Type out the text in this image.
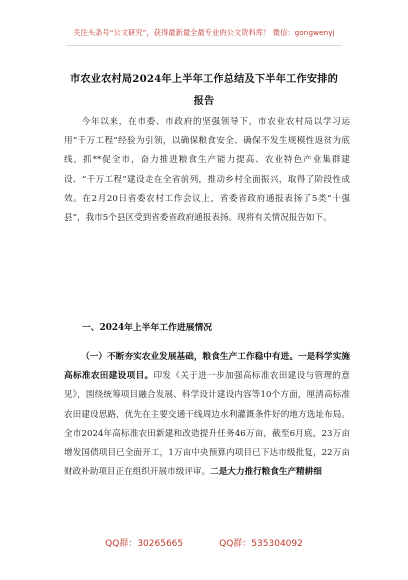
关注头条号“公文研究”，获得最新最全最专业的公文资料库！ 微信：gongwenyj
市农业农村局2024年上半年工作总结及下半年工作安排的
报告
今年以来，在市委、市政府的坚强领导下，市农业农村局以学习运用“千万工程”经验为引领，以确保粮食安全、确保不发生规模性返贫为底线，抓**促全市，奋力推进粮食生产能力提高、农业特色产业集群建设、“千万工程”建设走在全省前列，推动乡村全面振兴，取得了阶段性成效。在2月20日省委农村工作会议上，省委省政府通报表扬了5类“十强县”，我市5个县区受到省委省政府通报表扬。现将有关情况报告如下。
一、2024年上半年工作进展情况
（一）不断夯实农业发展基础，粮食生产工作稳中有进。一是科学实施高标准农田建设项目。印发《关于进一步加强高标准农田建设与管理的意见》，围绕统筹项目融合发展、科学设计建设内容等10个方面，厘清高标准农田建设思路，优先在主要交通干线周边水利灌溉条件好的地方选址布局。全市2024年高标准农田新建和改造提升任务46万亩，截至6月底，23万亩增发国债项目已全面开工，1万亩中央预算内项目已下达市级批复，22万亩财政补助项目正在组织开展市级评审。二是大力推行粮食生产精耕细
QQ群：30265665	QQ群：535304092
